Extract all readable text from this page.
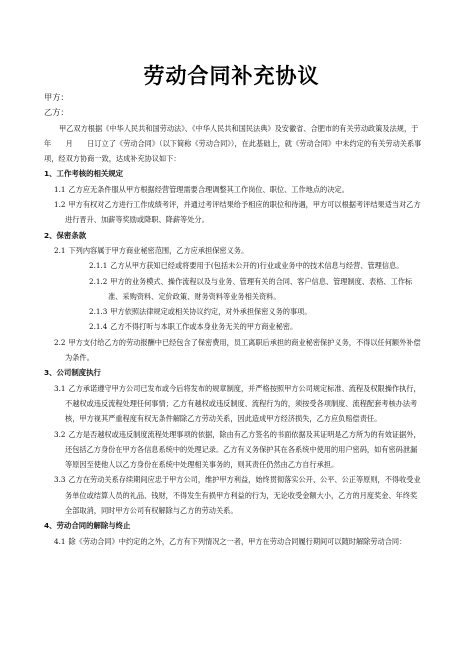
劳动合同补充协议

甲方：

乙方：

甲乙双方根据《中华人民共和国劳动法》、《中华人民共和国民法典》及安徽省、合肥市的有关劳动政策及法规，于　　年　　月　　日订立了《劳动合同》（以下简称《劳动合同》），在此基础上，就《劳动合同》中未约定的有关劳动关系事项，经双方协商一致，达成补充协议如下：

1、工作考核的相关规定

1.1 乙方应无条件服从甲方根据经营管理需要合理调整其工作岗位、职位、工作地点的决定。

1.2 甲方有权对乙方进行工作成绩考评，并通过考评结果给予相应的职位和待遇，甲方可以根据考评结果适当对乙方进行晋升、加薪等奖励或降职、降薪等处分。

2、保密条款

2.1 下列内容属于甲方商业秘密范围，乙方应承担保密义务。

2.1.1 乙方从甲方获知已经或将要用于(包括未公开的)行业或业务中的技术信息与经营、管理信息。

2.1.2 甲方的业务模式、操作流程以及与业务、管理有关的合同、客户信息、管理制度、表格、工作标准、采购资料、定价政策、财务资料等业务相关资料。

2.1.3 甲方依照法律规定或相关协议约定，对外承担保密义务的事项。

2.1.4 乙方不得打听与本职工作或本身业务无关的甲方商业秘密。

2.2 甲方支付给乙方的劳动报酬中已经包含了保密费用，员工离职后承担的商业秘密保护义务，不得以任何额外补偿为条件。

3、公司制度执行

3.1 乙方承诺遵守甲方公司已发布或今后将发布的规章制度，并严格按照甲方公司规定标准、流程及权限操作执行，不越权或违反流程处理任何事情；乙方有越权或违反制度、流程行为的，须按受各项制度、流程配套考核办法考核，甲方视其严重程度有权无条件解除乙方劳动关系，因此造成甲方经济损失，乙方应负赔偿责任。

3.2 乙方是否越权或违反制度流程处理事项的依据，除由有乙方签名的书面依据及其证明是乙方所为的有效证据外，还包括乙方身份在甲方各信息系统中的处理记录。乙方有义务保护其在各系统中使用的用户密码，如有密码泄漏等原因至使他人以乙方身份在系统中处理相关事务的，则其责任仍然由乙方自行承担。

3.3 乙方在劳动关系存续期间应忠于甲方公司，维护甲方利益，始终贯彻落实公开、公平、公正等原则，不得收受业务单位或结算人员的礼品、钱财，不得发生有损甲方利益的行为，无论收受金额大小，乙方的月度奖金、年终奖全部取消，同时甲方公司有权解除与乙方的劳动关系。

4、劳动合同的解除与终止

4.1 除《劳动合同》中约定的之外，乙方有下列情况之一者，甲方在劳动合同履行期间可以随时解除劳动合同：
